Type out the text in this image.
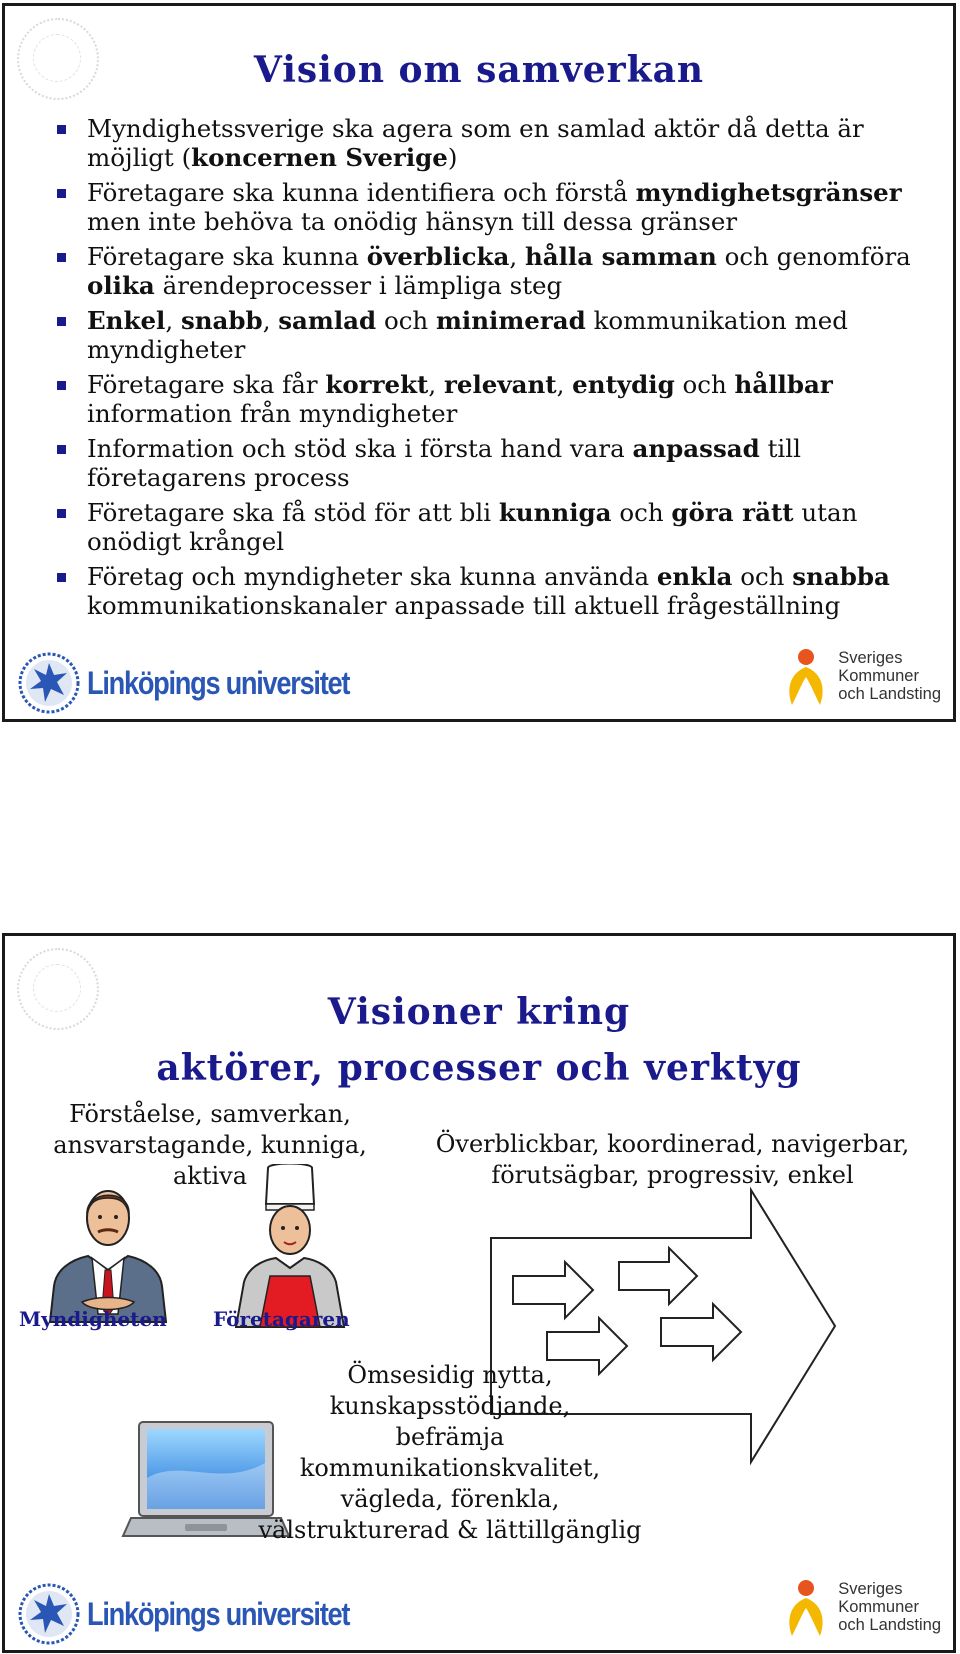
Vision om samverkan
Myndighetssverige ska agera som en samlad aktör då detta är möjligt (koncernen Sverige)
Företagare ska kunna identifiera och förstå myndighetsgränser men inte behöva ta onödig hänsyn till dessa gränser
Företagare ska kunna överblicka, hålla samman och genomföra olika ärendeprocesser i lämpliga steg
Enkel, snabb, samlad och minimerad kommunikation med myndigheter
Företagare ska får korrekt, relevant, entydig och hållbar information från myndigheter
Information och stöd ska i första hand vara anpassad till företagarens process
Företagare ska få stöd för att bli kunniga och göra rätt utan onödigt krångel
Företag och myndigheter ska kunna använda enkla och snabba kommunikationskanaler anpassade till aktuell frågeställning
Linköpings universitet
Sveriges
Kommuner
och Landsting
Visioner kring
aktörer, processer och verktyg
Förståelse, samverkan, ansvarstagande, kunniga, aktiva
Överblickbar, koordinerad, navigerbar, förutsägbar, progressiv, enkel
Myndigheten Företagaren
Ömsesidig nytta,
kunskapsstödjande,
befrämja
kommunikationskvalitet,
vägleda, förenkla,
välstrukturerad & lättillgänglig
Linköpings universitet
Sveriges
Kommuner
och Landsting
